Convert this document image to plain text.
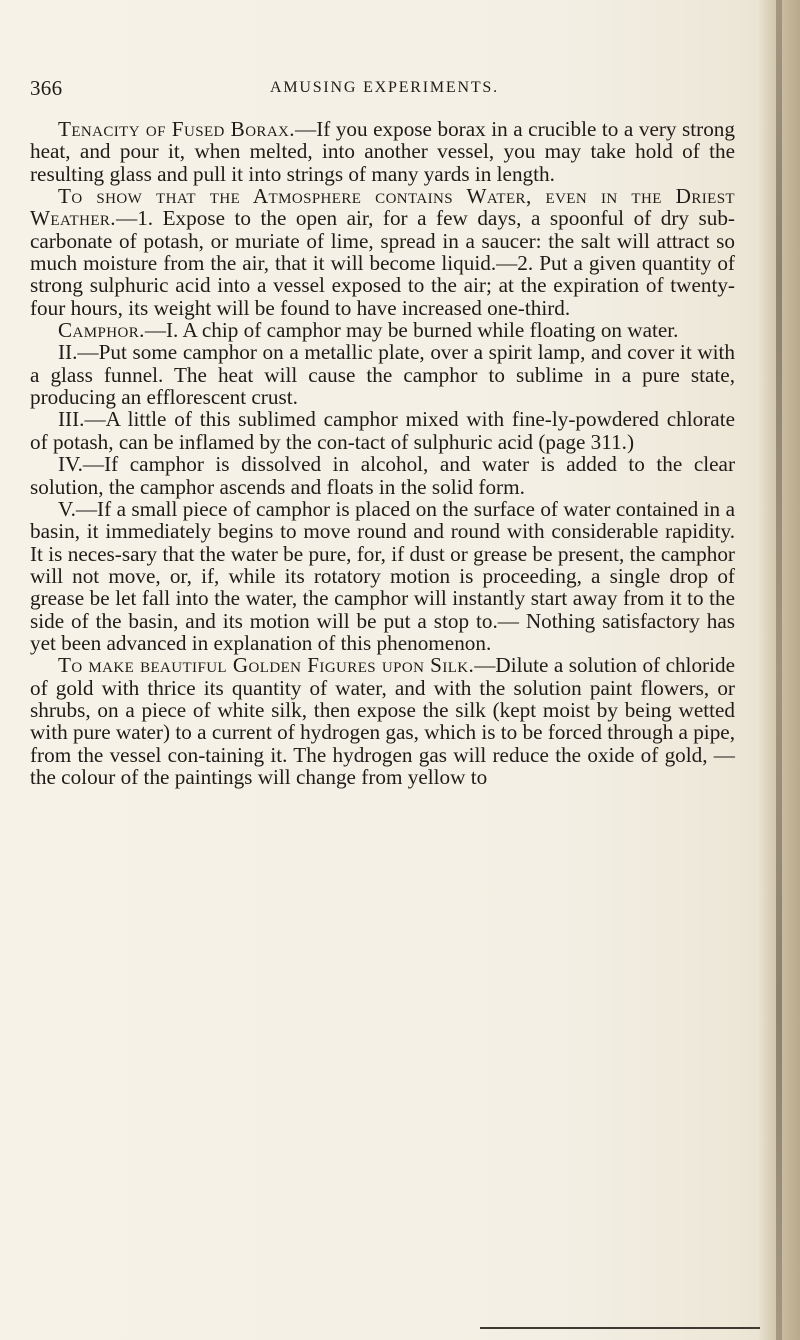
366	AMUSING EXPERIMENTS.

Tenacity of Fused Borax.—If you expose borax in a crucible to a very strong heat, and pour it, when melted, into another vessel, you may take hold of the resulting glass and pull it into strings of many yards in length.

To show that the Atmosphere contains Water, even in the Driest Weather.—1. Expose to the open air, for a few days, a spoonful of dry sub-carbonate of potash, or muriate of lime, spread in a saucer: the salt will attract so much moisture from the air, that it will become liquid.—2. Put a given quantity of strong sulphuric acid into a vessel exposed to the air; at the expiration of twenty-four hours, its weight will be found to have increased one-third.

Camphor.—I. A chip of camphor may be burned while floating on water.

II.—Put some camphor on a metallic plate, over a spirit lamp, and cover it with a glass funnel. The heat will cause the camphor to sublime in a pure state, producing an efflorescent crust.

III.—A little of this sublimed camphor mixed with fine-ly-powdered chlorate of potash, can be inflamed by the con-tact of sulphuric acid (page 311.)

IV.—If camphor is dissolved in alcohol, and water is added to the clear solution, the camphor ascends and floats in the solid form.

V.—If a small piece of camphor is placed on the surface of water contained in a basin, it immediately begins to move round and round with considerable rapidity. It is neces-sary that the water be pure, for, if dust or grease be present, the camphor will not move, or, if, while its rotatory motion is proceeding, a single drop of grease be let fall into the water, the camphor will instantly start away from it to the side of the basin, and its motion will be put a stop to.— Nothing satisfactory has yet been advanced in explanation of this phenomenon.

To make beautiful Golden Figures upon Silk.—Dilute a solution of chloride of gold with thrice its quantity of water, and with the solution paint flowers, or shrubs, on a piece of white silk, then expose the silk (kept moist by being wetted with pure water) to a current of hydrogen gas, which is to be forced through a pipe, from the vessel con-taining it. The hydrogen gas will reduce the oxide of gold, —the colour of the paintings will change from yellow to
